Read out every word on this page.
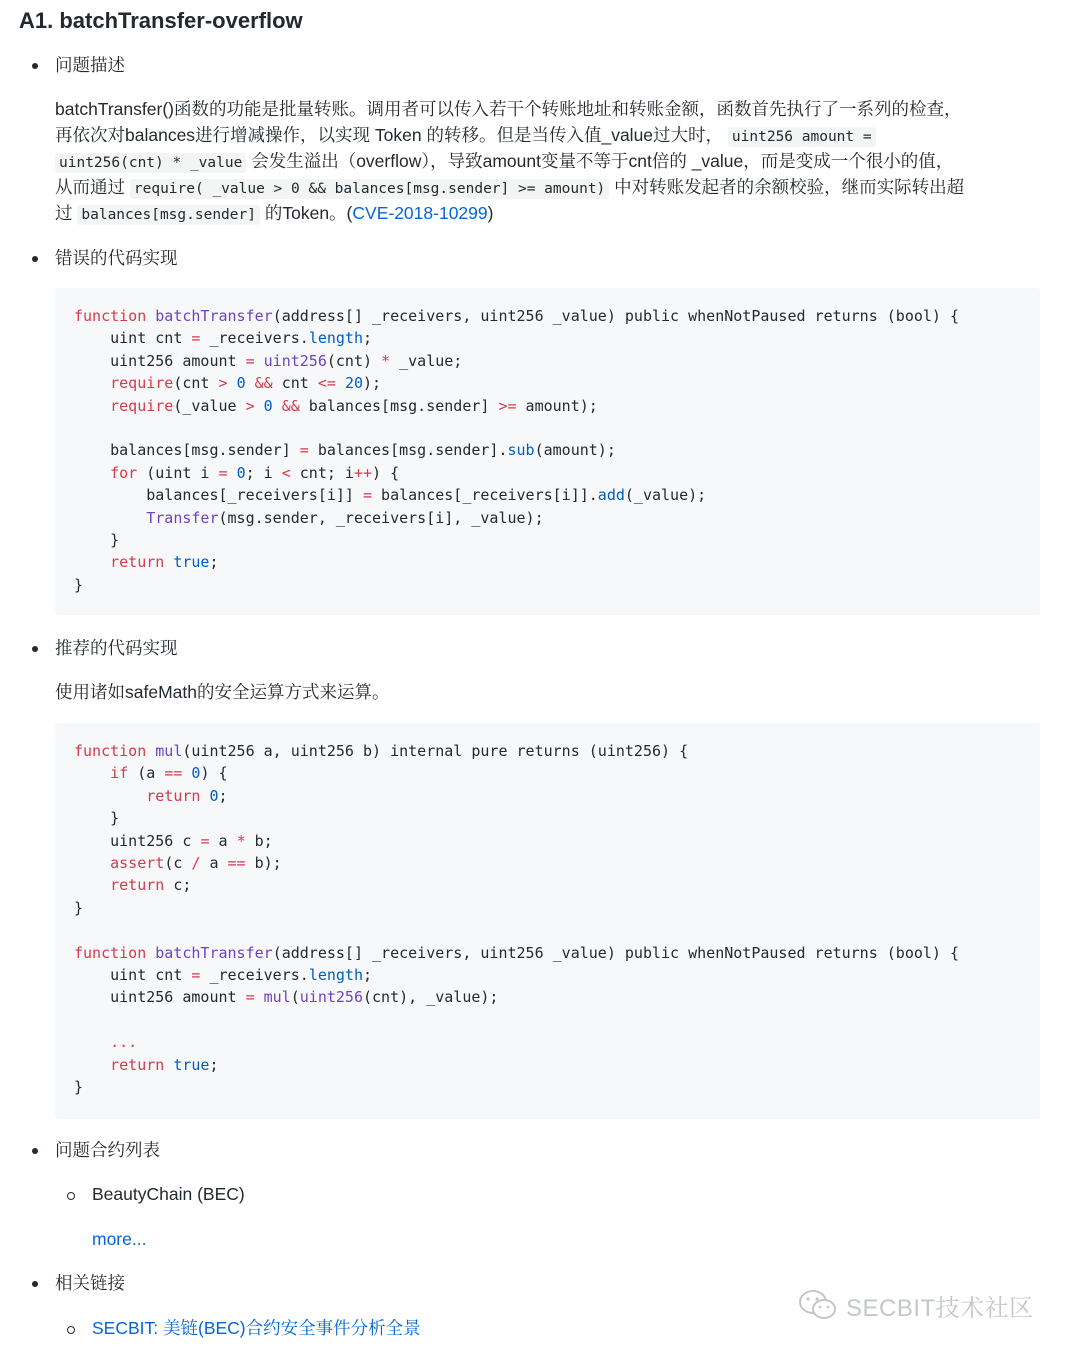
A1. batchTransfer-overflow
问题描述
batchTransfer()函数的功能是批量转账。调用者可以传入若干个转账地址和转账金额，函数首先执行了一系列的检查，
再依次对balances进行增减操作，以实现 Token 的转移。但是当传入值_value过大时， uint256 amount =
uint256(cnt) * _value 会发生溢出（overflow），导致amount变量不等于cnt倍的 _value，而是变成一个很小的值，
从而通过 require( _value > 0 && balances[msg.sender] >= amount) 中对转账发起者的余额校验，继而实际转出超
过 balances[msg.sender] 的Token。(CVE-2018-10299)
错误的代码实现
function batchTransfer(address[] _receivers, uint256 _value) public whenNotPaused returns (bool) {
uint cnt = _receivers.length;
uint256 amount = uint256(cnt) * _value;
require(cnt > 0 && cnt <= 20);
require(_value > 0 && balances[msg.sender] >= amount);

balances[msg.sender] = balances[msg.sender].sub(amount);
for (uint i = 0; i < cnt; i++) {
balances[_receivers[i]] = balances[_receivers[i]].add(_value);
Transfer(msg.sender, _receivers[i], _value);
}
return true;
}
推荐的代码实现
使用诸如safeMath的安全运算方式来运算。
function mul(uint256 a, uint256 b) internal pure returns (uint256) {
if (a == 0) {
return 0;
}
uint256 c = a * b;
assert(c / a == b);
return c;
}

function batchTransfer(address[] _receivers, uint256 _value) public whenNotPaused returns (bool) {
uint cnt = _receivers.length;
uint256 amount = mul(uint256(cnt), _value);

...
return true;
}
问题合约列表
BeautyChain (BEC)
more...
相关链接
SECBIT: 美链(BEC)合约安全事件分析全景
SECBIT技术社区
